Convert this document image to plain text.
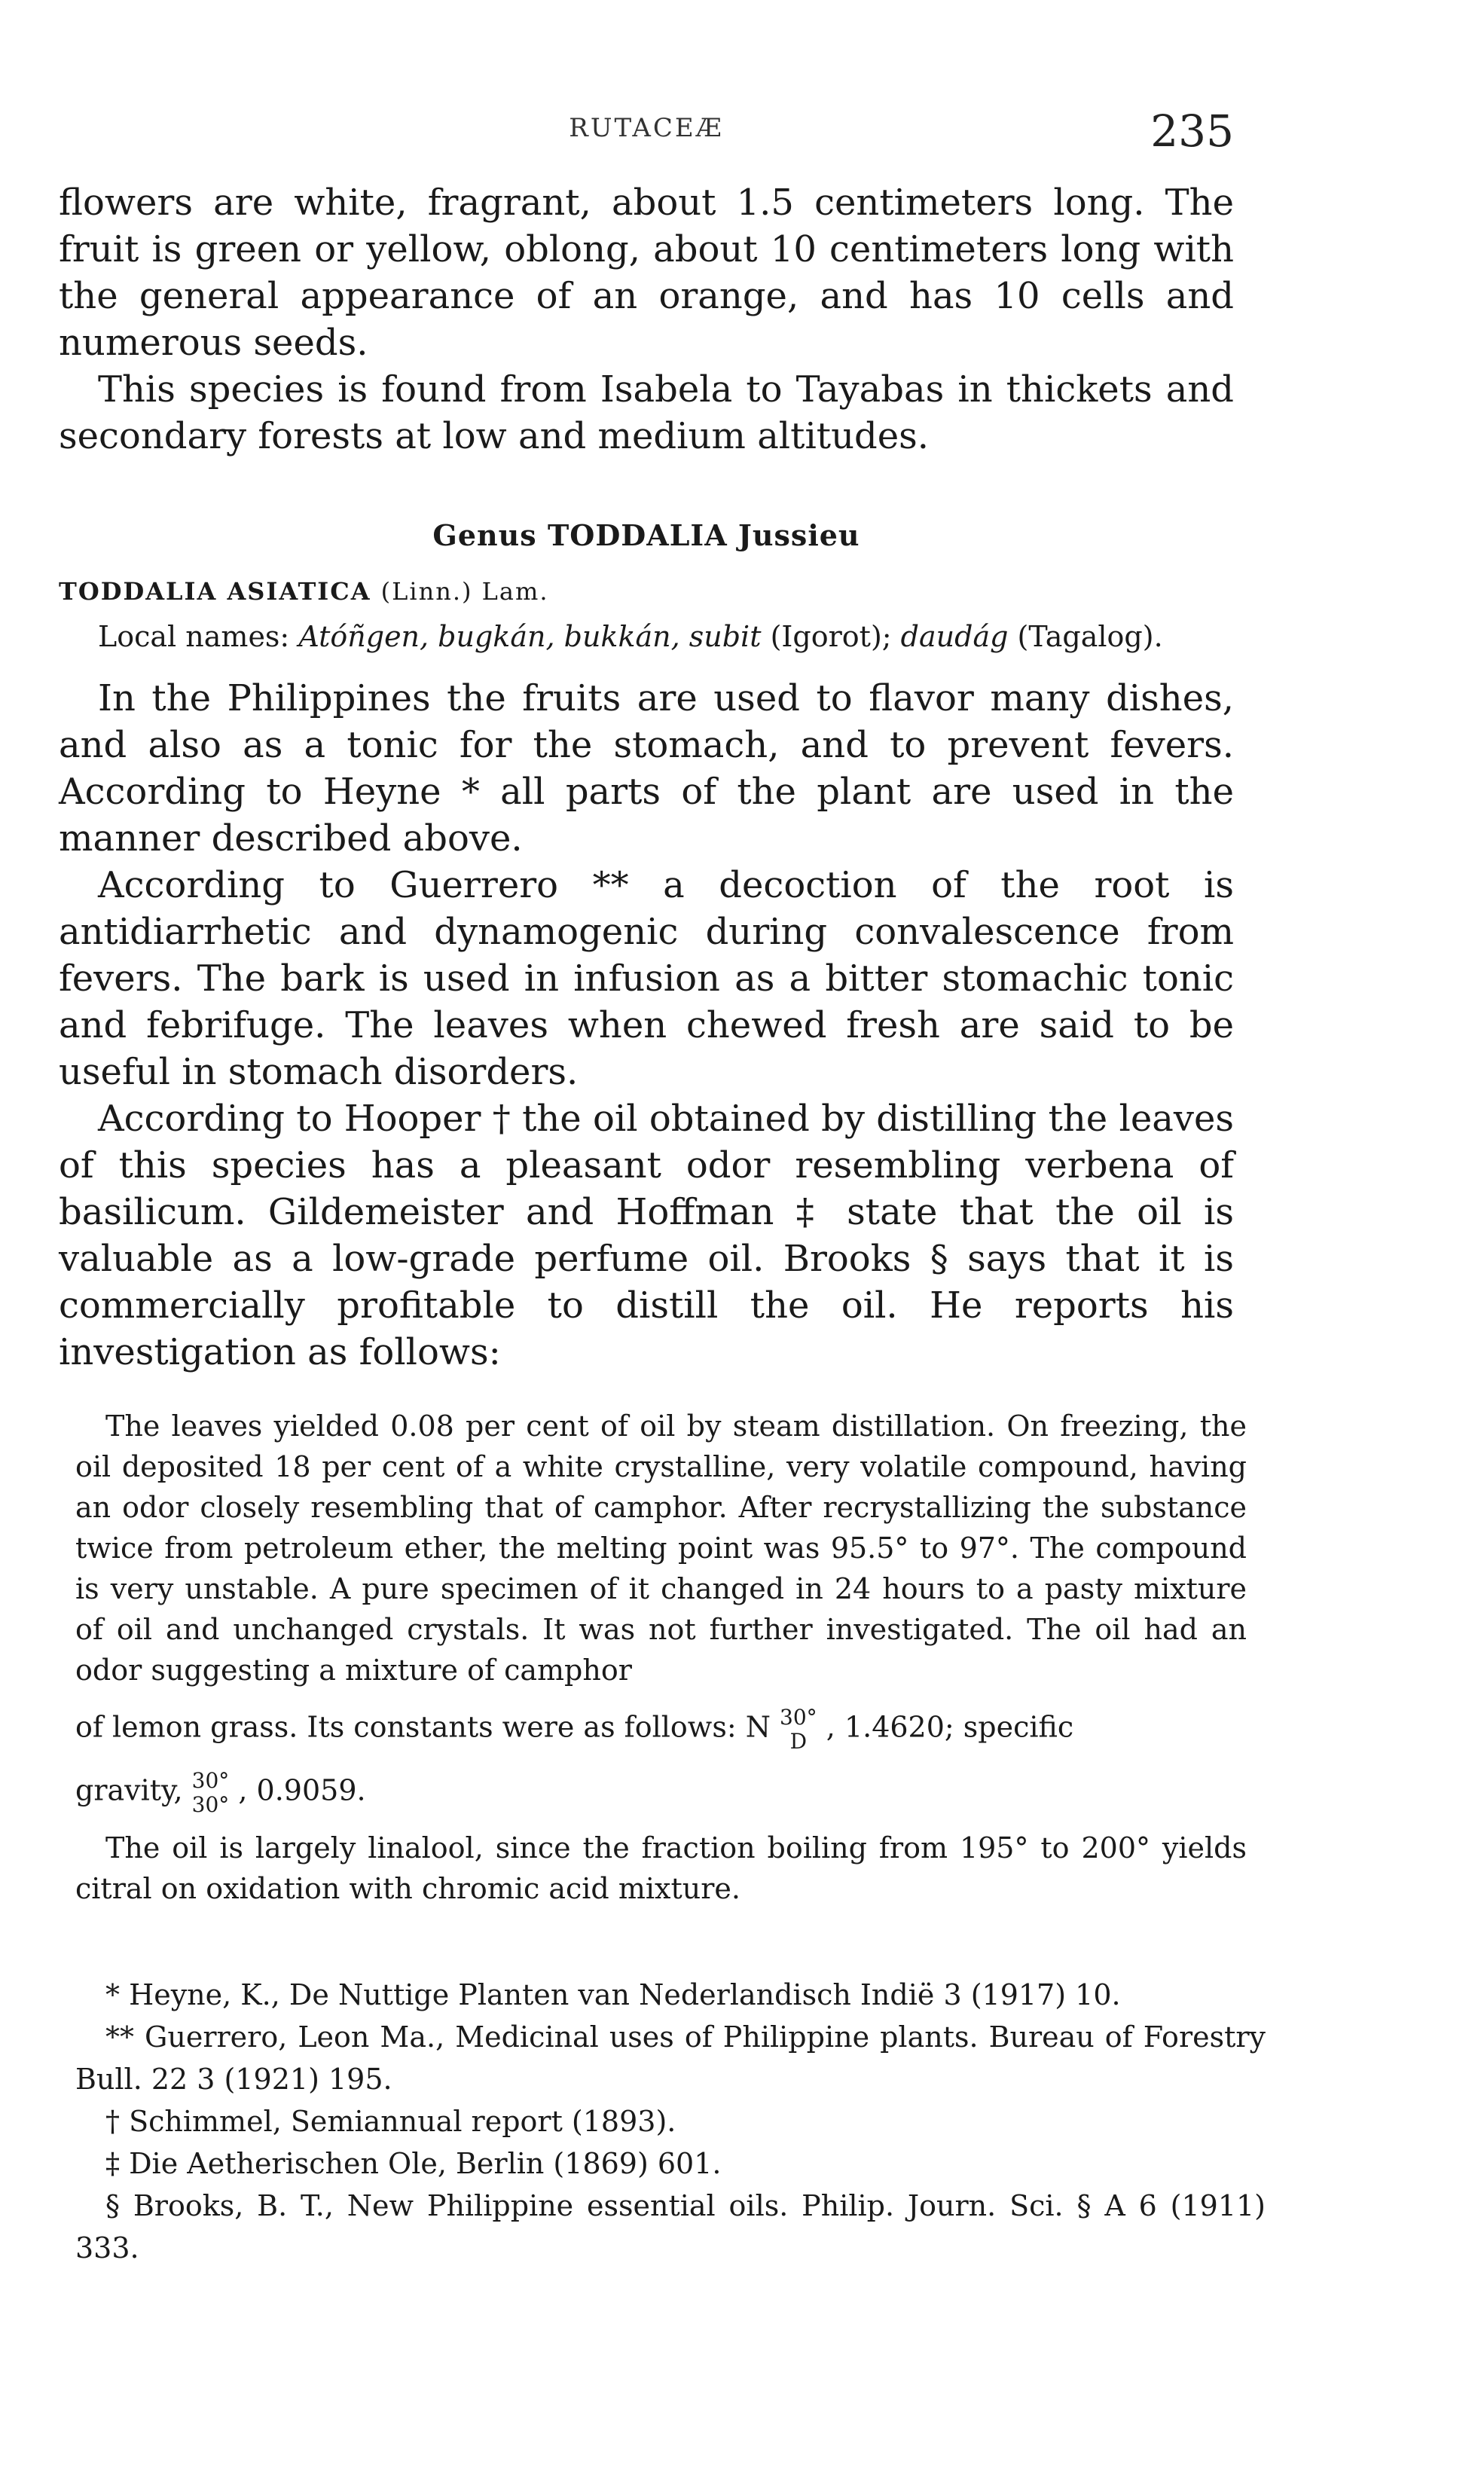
RUTACEÆ	235

flowers are white, fragrant, about 1.5 centimeters long. The fruit is green or yellow, oblong, about 10 centimeters long with the general appearance of an orange, and has 10 cells and numerous seeds.

This species is found from Isabela to Tayabas in thickets and secondary forests at low and medium altitudes.

Genus TODDALIA Jussieu
TODDALIA ASIATICA (Linn.) Lam.
Local names: Atóñgen, bugkán, bukkán, subit (Igorot); daudág (Tagalog).

In the Philippines the fruits are used to flavor many dishes, and also as a tonic for the stomach, and to prevent fevers. According to Heyne * all parts of the plant are used in the manner described above.

According to Guerrero ** a decoction of the root is antidiarrhetic and dynamogenic during convalescence from fevers. The bark is used in infusion as a bitter stomachic tonic and febrifuge. The leaves when chewed fresh are said to be useful in stomach disorders.

According to Hooper † the oil obtained by distilling the leaves of this species has a pleasant odor resembling verbena of basilicum. Gildemeister and Hoffman ‡ state that the oil is valuable as a low-grade perfume oil. Brooks § says that it is commercially profitable to distill the oil. He reports his investigation as follows:

The leaves yielded 0.08 per cent of oil by steam distillation. On freezing, the oil deposited 18 per cent of a white crystalline, very volatile compound, having an odor closely resembling that of camphor. After recrystallizing the substance twice from petroleum ether, the melting point was 95.5° to 97°. The compound is very unstable. A pure specimen of it changed in 24 hours to a pasty mixture of oil and unchanged crystals. It was not further investigated. The oil had an odor suggesting a mixture of camphor

of lemon grass. Its constants were as follows: N 30°
D , 1.4620; specific

gravity, 30°
30° , 0.9059.

The oil is largely linalool, since the fraction boiling from 195° to 200° yields citral on oxidation with chromic acid mixture.

* Heyne, K., De Nuttige Planten van Nederlandisch Indië 3 (1917) 10.

** Guerrero, Leon Ma., Medicinal uses of Philippine plants. Bureau of Forestry Bull. 22 3 (1921) 195.

† Schimmel, Semiannual report (1893).

‡ Die Aetherischen Ole, Berlin (1869) 601.

§ Brooks, B. T., New Philippine essential oils. Philip. Journ. Sci. § A 6 (1911) 333.
